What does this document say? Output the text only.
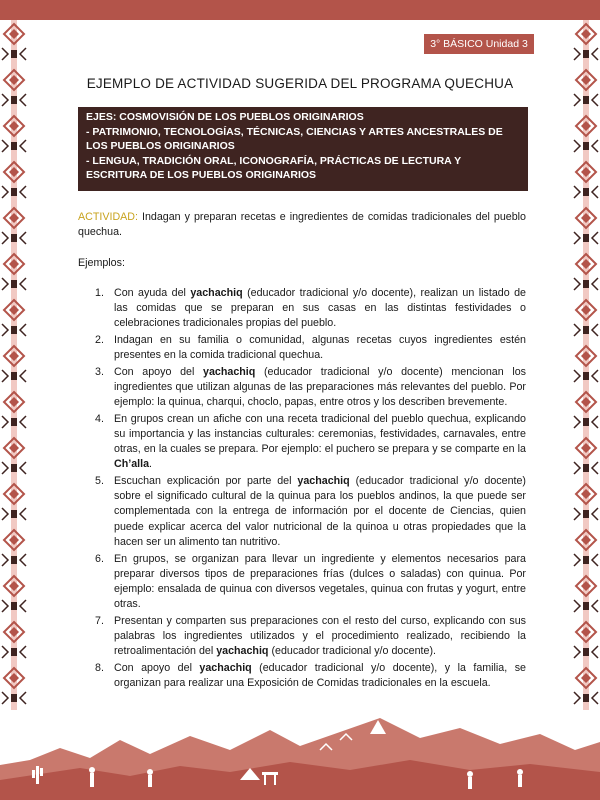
3° BÁSICO Unidad 3
EJEMPLO DE ACTIVIDAD SUGERIDA DEL PROGRAMA QUECHUA
EJES: COSMOVISIÓN DE LOS PUEBLOS ORIGINARIOS
- PATRIMONIO, TECNOLOGÍAS, TÉCNICAS, CIENCIAS Y ARTES ANCESTRALES DE LOS PUEBLOS ORIGINARIOS
- LENGUA, TRADICIÓN ORAL, ICONOGRAFÍA, PRÁCTICAS DE LECTURA Y ESCRITURA DE LOS PUEBLOS ORIGINARIOS

ACTIVIDAD: Indagan y preparan recetas e ingredientes de comidas tradicionales del pueblo quechua.

Ejemplos:

1. Con ayuda del yachachiq (educador tradicional y/o docente), realizan un listado de las comidas que se preparan en sus casas en las distintas festividades o celebraciones tradicionales propias del pueblo.
2. Indagan en su familia o comunidad, algunas recetas cuyos ingredientes estén presentes en la comida tradicional quechua.
3. Con apoyo del yachachiq (educador tradicional y/o docente) mencionan los ingredientes que utilizan algunas de las preparaciones más relevantes del pueblo. Por ejemplo: la quinua, charqui, choclo, papas, entre otros y los describen brevemente.
4. En grupos crean un afiche con una receta tradicional del pueblo quechua, explicando su importancia y las instancias culturales: ceremonias, festividades, carnavales, entre otras, en la cuales se prepara. Por ejemplo: el puchero se prepara y se comparte en la Ch’alla.
5. Escuchan explicación por parte del yachachiq (educador tradicional y/o docente) sobre el significado cultural de la quinua para los pueblos andinos, la que puede ser complementada con la entrega de información por el docente de Ciencias, quien puede explicar acerca del valor nutricional de la quinoa u otras propiedades que la hacen ser un alimento tan nutritivo.
6. En grupos, se organizan para llevar un ingrediente y elementos necesarios para preparar diversos tipos de preparaciones frías (dulces o saladas) con quinua. Por ejemplo: ensalada de quinua con diversos vegetales, quinua con frutas y yogurt, entre otras.
7. Presentan y comparten sus preparaciones con el resto del curso, explicando con sus palabras los ingredientes utilizados y el procedimiento realizado, recibiendo la retroalimentación del yachachiq (educador tradicional y/o docente).
8. Con apoyo del yachachiq (educador tradicional y/o docente), y la familia, se organizan para realizar una Exposición de Comidas tradicionales en la escuela.
